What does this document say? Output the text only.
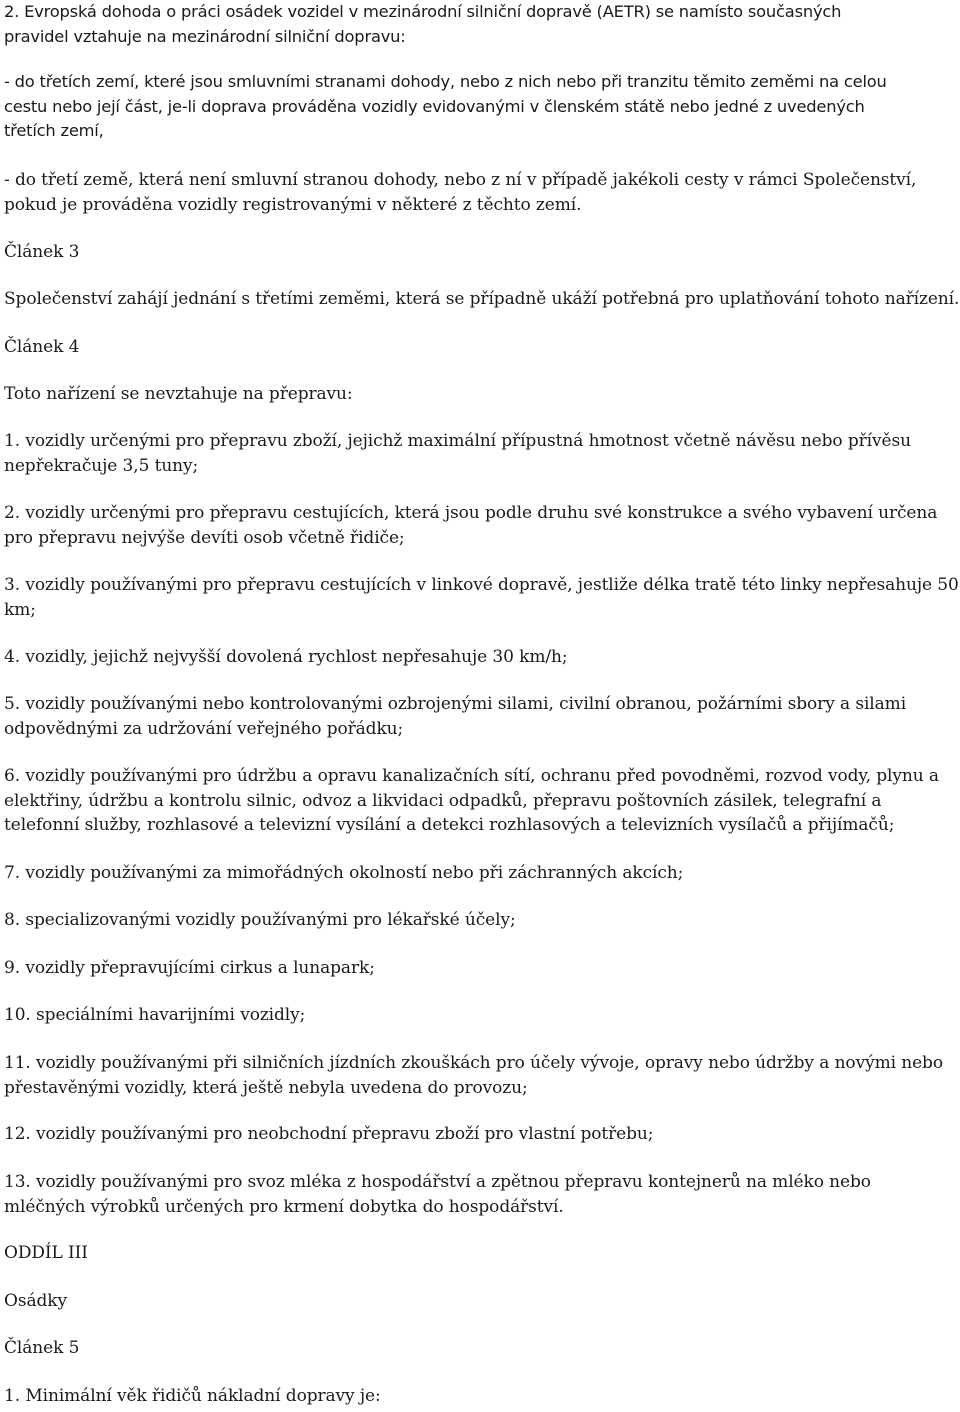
2. Evropská dohoda o práci osádek vozidel v mezinárodní silniční dopravě (AETR) se namísto současných
pravidel vztahuje na mezinárodní silniční dopravu:

- do třetích zemí, které jsou smluvními stranami dohody, nebo z nich nebo při tranzitu těmito zeměmi na celou
cestu nebo její část, je-li doprava prováděna vozidly evidovanými v členském státě nebo jedné z uvedených
třetích zemí,

- do třetí země, která není smluvní stranou dohody, nebo z ní v případě jakékoli cesty v rámci Společenství,
pokud je prováděna vozidly registrovanými v některé z těchto zemí.

Článek 3

Společenství zahájí jednání s třetími zeměmi, která se případně ukáží potřebná pro uplatňování tohoto nařízení.

Článek 4

Toto nařízení se nevztahuje na přepravu:

1. vozidly určenými pro přepravu zboží, jejichž maximální přípustná hmotnost včetně návěsu nebo přívěsu
nepřekračuje 3,5 tuny;

2. vozidly určenými pro přepravu cestujících, která jsou podle druhu své konstrukce a svého vybavení určena
pro přepravu nejvýše devíti osob včetně řidiče;

3. vozidly používanými pro přepravu cestujících v linkové dopravě, jestliže délka tratě této linky nepřesahuje 50
km;

4. vozidly, jejichž nejvyšší dovolená rychlost nepřesahuje 30 km/h;

5. vozidly používanými nebo kontrolovanými ozbrojenými silami, civilní obranou, požárními sbory a silami
odpovědnými za udržování veřejného pořádku;

6. vozidly používanými pro údržbu a opravu kanalizačních sítí, ochranu před povodněmi, rozvod vody, plynu a
elektřiny, údržbu a kontrolu silnic, odvoz a likvidaci odpadků, přepravu poštovních zásilek, telegrafní a
telefonní služby, rozhlasové a televizní vysílání a detekci rozhlasových a televizních vysílačů a přijímačů;

7. vozidly používanými za mimořádných okolností nebo při záchranných akcích;

8. specializovanými vozidly používanými pro lékařské účely;

9. vozidly přepravujícími cirkus a lunapark;

10. speciálními havarijními vozidly;

11. vozidly používanými při silničních jízdních zkouškách pro účely vývoje, opravy nebo údržby a novými nebo
přestavěnými vozidly, která ještě nebyla uvedena do provozu;

12. vozidly používanými pro neobchodní přepravu zboží pro vlastní potřebu;

13. vozidly používanými pro svoz mléka z hospodářství a zpětnou přepravu kontejnerů na mléko nebo
mléčných výrobků určených pro krmení dobytka do hospodářství.

ODDÍL III

Osádky

Článek 5

1. Minimální věk řidičů nákladní dopravy je:
